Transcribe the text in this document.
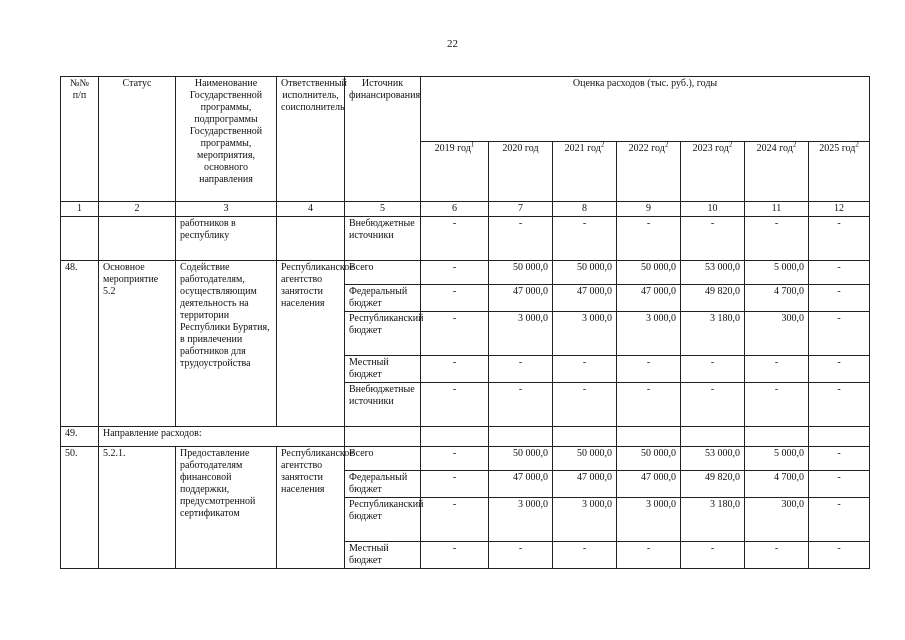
22
№№ п/п	Статус	Наименование Государственной программы, подпрограммы Государственной программы, мероприятия, основного направления	Ответственный исполнитель, соисполнитель	Источник финансирования	Оценка расходов (тыс. руб.), годы						
					2019 год$^1$	2020 год	2021 год$^2$	2022 год$^2$	2023 год$^2$	2024 год$^2$	2025 год$^2$
1	2	3	4	5	6	7	8	9	10	11	12
		работников в республику		Внебюджетные источники	-	-	-	-	-	-	-
48.	Основное мероприятие 5.2	Содействие работодателям, осуществляющим деятельность на территории Республики Бурятия, в привлечении работников для трудоустройства	Республиканское агентство занятости населения	Всего	-	50 000,0	50 000,0	50 000,0	53 000,0	5 000,0	-
				Федеральный бюджет	-	47 000,0	47 000,0	47 000,0	49 820,0	4 700,0	-
				Республиканский бюджет	-	3 000,0	3 000,0	3 000,0	3 180,0	300,0	-
				Местный бюджет	-	-	-	-	-	-	-
				Внебюджетные источники	-	-	-	-	-	-	-
49.	Направление расходов:										
50.	5.2.1.	Предоставление работодателям финансовой поддержки, предусмотренной сертификатом	Республиканское агентство занятости населения	Всего	-	50 000,0	50 000,0	50 000,0	53 000,0	5 000,0	-
				Федеральный бюджет	-	47 000,0	47 000,0	47 000,0	49 820,0	4 700,0	-
				Республиканский бюджет	-	3 000,0	3 000,0	3 000,0	3 180,0	300,0	-
				Местный бюджет	-	-	-	-	-	-	-
